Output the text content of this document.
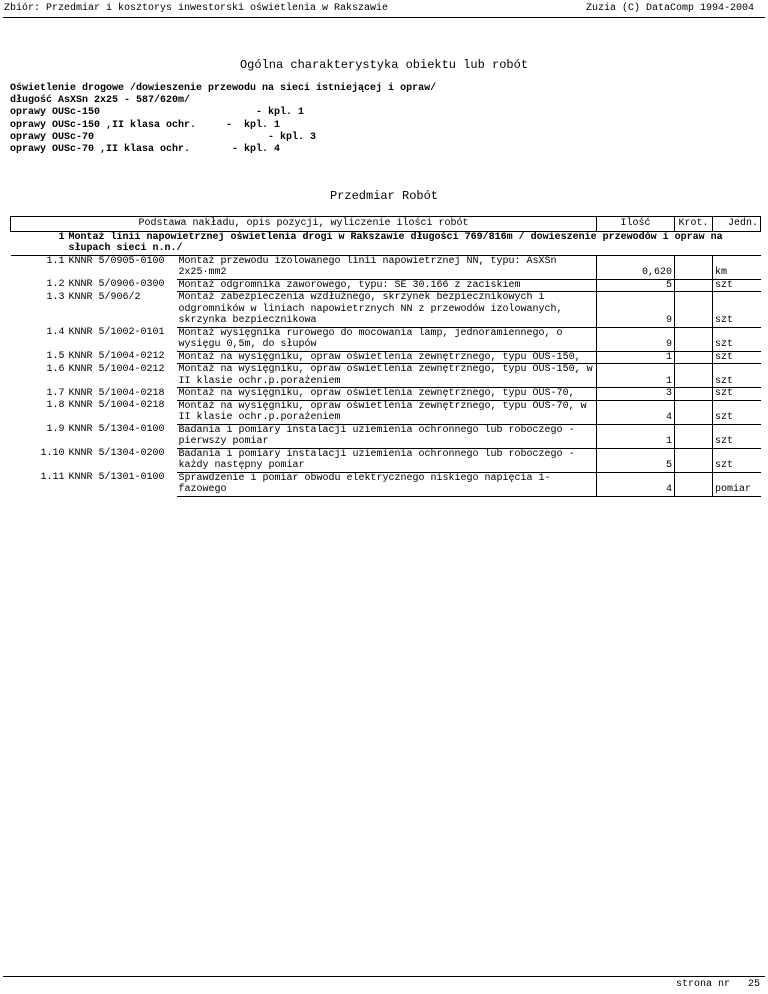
Zbiór: Przedmiar i kosztorys inwestorski oświetlenia w Rakszawie	Zuzia (C) DataComp 1994-2004
Ogólna charakterystyka obiektu lub robót
Oświetlenie drogowe /dowieszenie przewodu na sieci istniejącej i opraw/
długość AsXSn 2x25 - 587/620m/
oprawy OUSc-150                          - kpl. 1
oprawy OUSc-150 ,II klasa ochr.     -  kpl. 1
oprawy OUSc-70                             - kpl. 3
oprawy OUSc-70 ,II klasa ochr.       - kpl. 4
Przedmiar Robót
Podstawa nakładu, opis pozycji, wyliczenie ilości robót			Ilość	Krot.	Jedn.
1	Montaż linii napowietrznej oświetlenia drogi w Rakszawie długości 769/816m / dowieszenie przewodów i opraw na słupach sieci n.n./				
1.1	KNNR 5/0905-0100	Montaż przewodu izolowanego linii napowietrznej NN, typu: AsXSn 2x25·mm2	0,620		km
1.2	KNNR 5/0906-0300	Montaż odgromnika zaworowego, typu: SE 30.166 z zaciskiem	5		szt
1.3	KNNR 5/906/2	Montaż zabezpieczenia wzdłużnego, skrzynek bezpiecznikowych i odgromników w liniach napowietrznych NN z przewodów izolowanych, skrzynka bezpiecznikowa	9		szt
1.4	KNNR 5/1002-0101	Montaż wysięgnika rurowego do mocowania lamp, jednoramiennego, o wysięgu 0,5m, do słupów	9		szt
1.5	KNNR 5/1004-0212	Montaż na wysięgniku, opraw oświetlenia zewnętrznego, typu OUS-150,	1		szt
1.6	KNNR 5/1004-0212	Montaż na wysięgniku, opraw oświetlenia zewnętrznego, typu OUS-150, w II klasie ochr.p.porażeniem	1		szt
1.7	KNNR 5/1004-0218	Montaż na wysięgniku, opraw oświetlenia zewnętrznego, typu OUS-70,	3		szt
1.8	KNNR 5/1004-0218	Montaż na wysięgniku, opraw oświetlenia zewnętrznego, typu OUS-70, w II klasie ochr.p.porażeniem	4		szt
1.9	KNNR 5/1304-0100	Badania i pomiary instalacji uziemienia ochronnego lub roboczego - pierwszy pomiar	1		szt
1.10	KNNR 5/1304-0200	Badania i pomiary instalacji uziemienia ochronnego lub roboczego - każdy następny pomiar	5		szt
1.11	KNNR 5/1301-0100	Sprawdzenie i pomiar obwodu elektrycznego niskiego napięcia 1-fazowego	4		pomiar
strona nr 25
